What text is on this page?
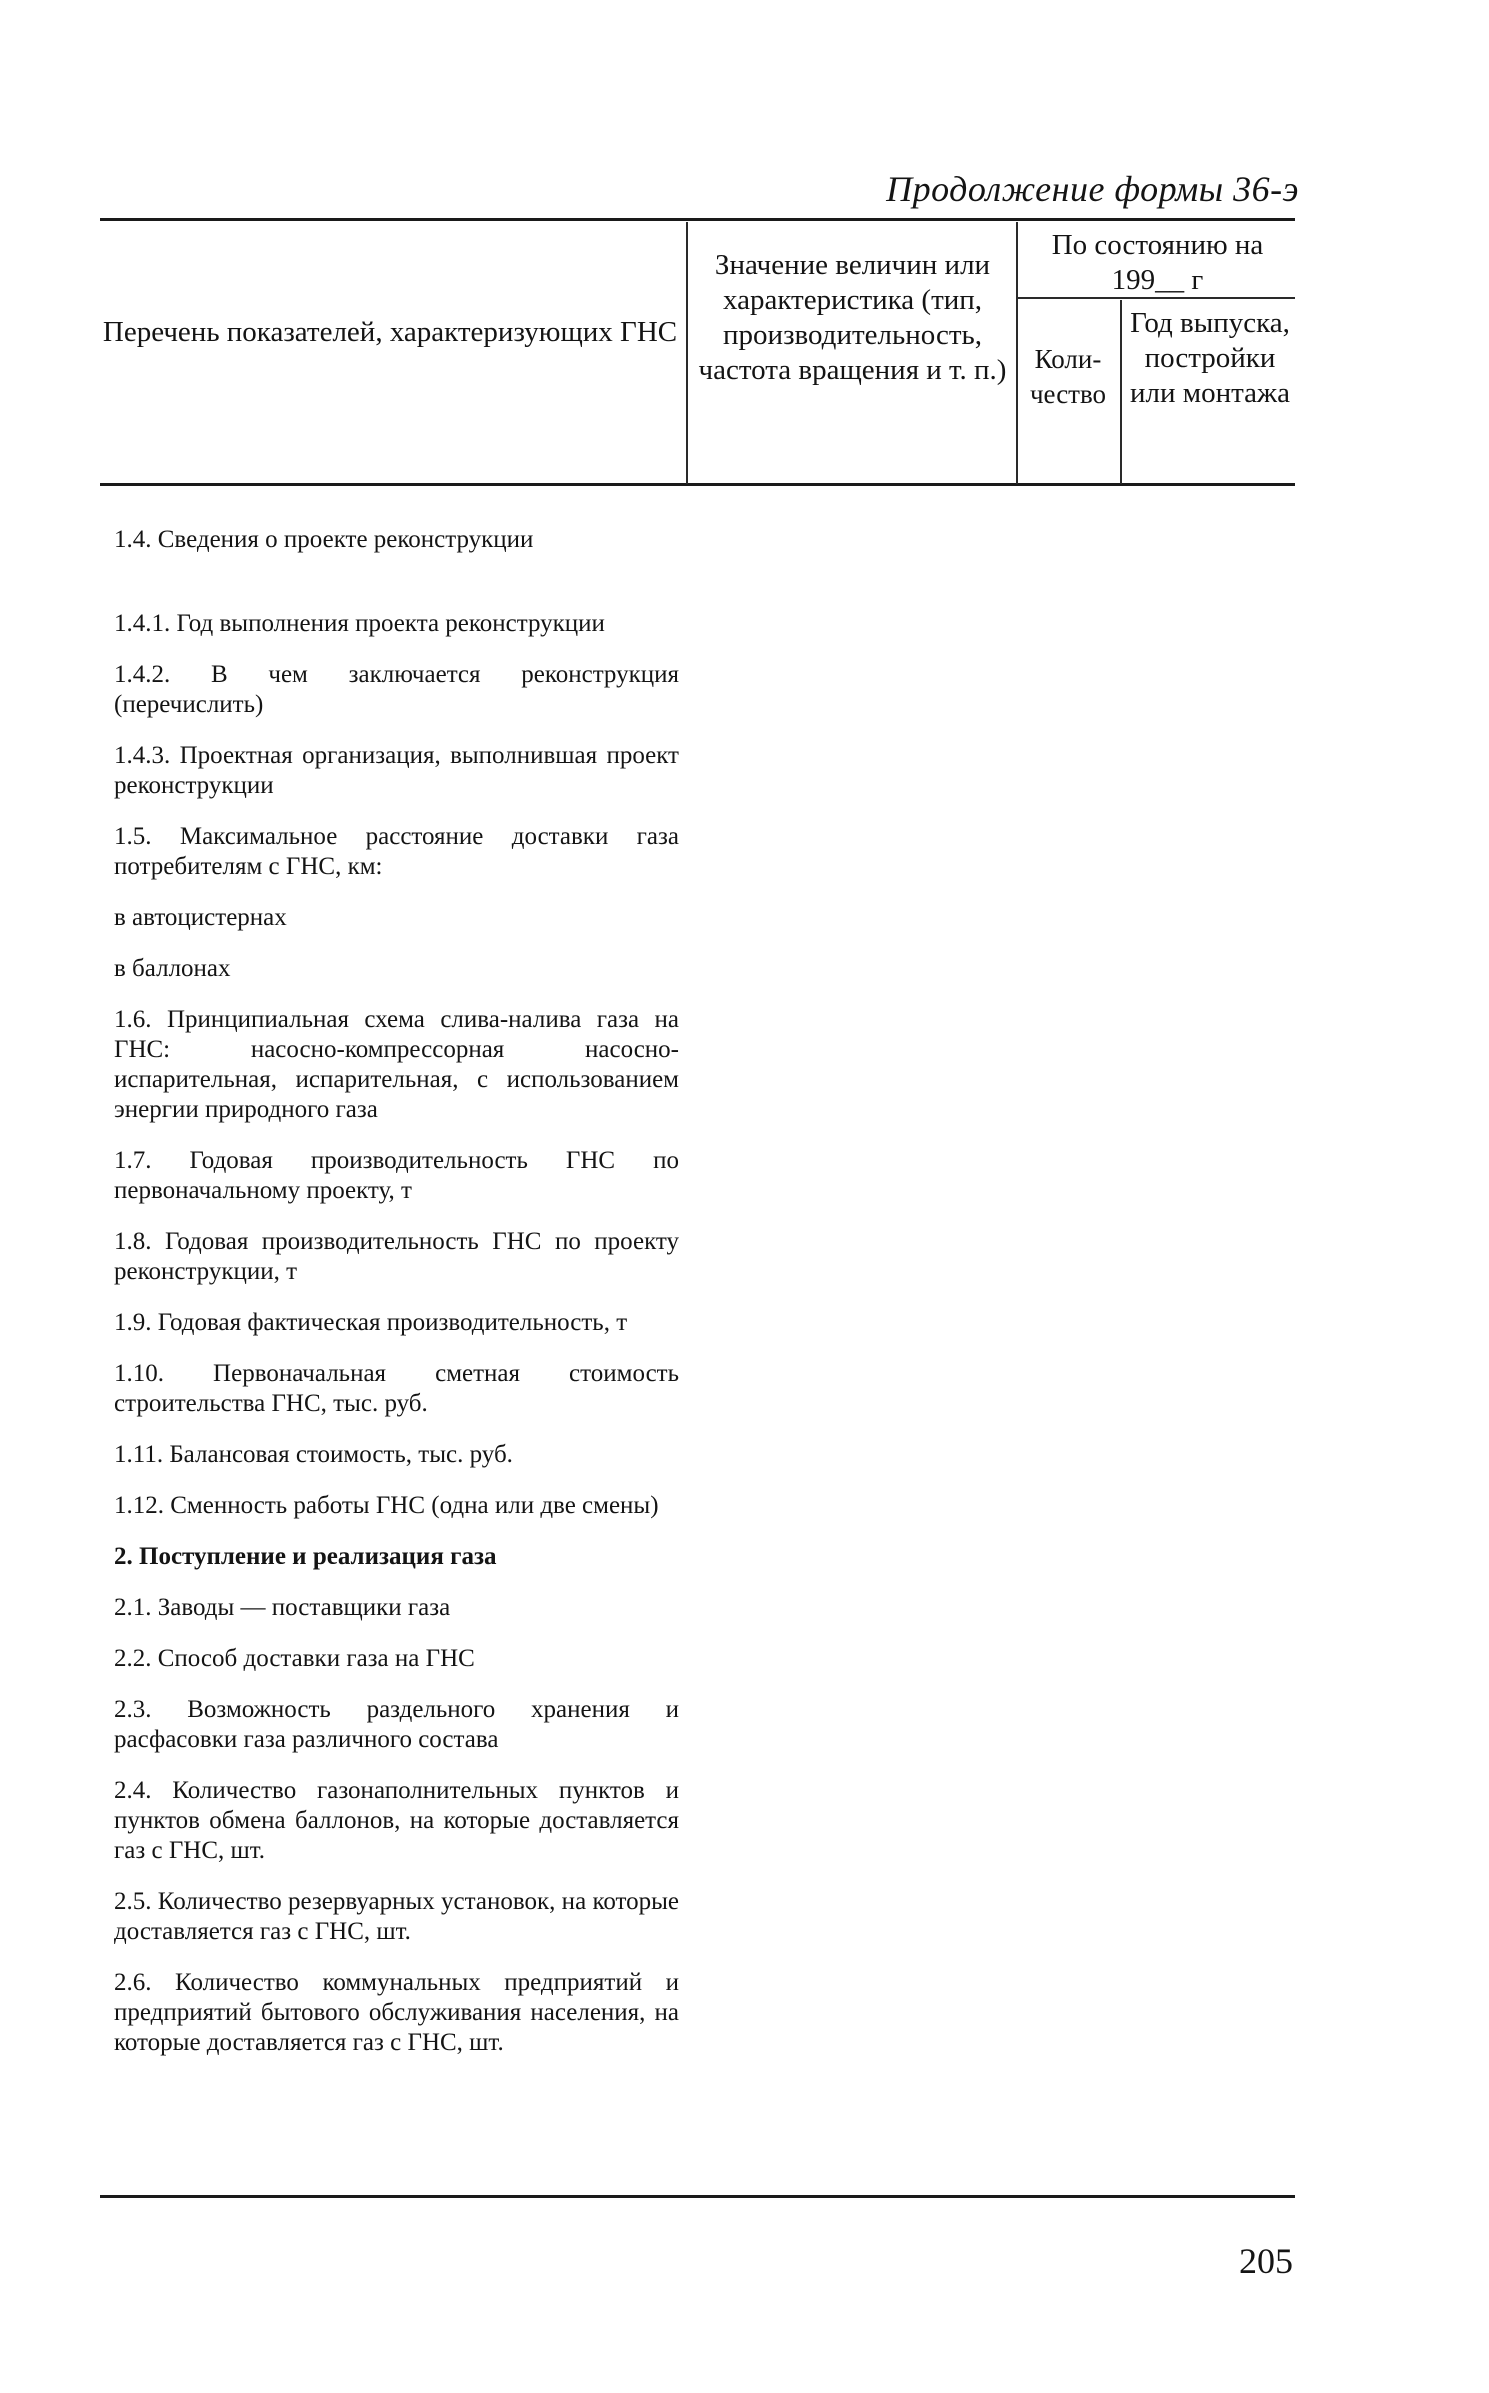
Продолжение формы 36-э
Перечень показателей, характеризующих ГНС
Значение величин или характеристика (тип, производительность, частота вращения и т. п.)
По состоянию на
199__ г
Коли-чество
Год выпуска, постройки или монтажа

1.4. Сведения о проекте реконструкции

1.4.1. Год выполнения проекта реконструкции

1.4.2. В чем заключается реконструкция (перечислить)

1.4.3. Проектная организация, выполнившая проект реконструкции

1.5. Максимальное расстояние доставки газа потребителям с ГНС, км:

в автоцистернах

в баллонах

1.6. Принципиальная схема слива-налива газа на ГНС: насосно-компрессорная насосно-испарительная, испарительная, с использованием энергии природного газа

1.7. Годовая производительность ГНС по первоначальному проекту, т

1.8. Годовая производительность ГНС по проекту реконструкции, т

1.9. Годовая фактическая производительность, т

1.10. Первоначальная сметная стоимость строительства ГНС, тыс. руб.

1.11. Балансовая стоимость, тыс. руб.

1.12. Сменность работы ГНС (одна или две смены)

2. Поступление и реализация газа

2.1. Заводы — поставщики газа

2.2. Способ доставки газа на ГНС

2.3. Возможность раздельного хранения и расфасовки газа различного состава

2.4. Количество газонаполнительных пунктов и пунктов обмена баллонов, на которые доставляется газ с ГНС, шт.

2.5. Количество резервуарных установок, на которые доставляется газ с ГНС, шт.

2.6. Количество коммунальных предприятий и предприятий бытового обслуживания населения, на которые доставляется газ с ГНС, шт.

205
